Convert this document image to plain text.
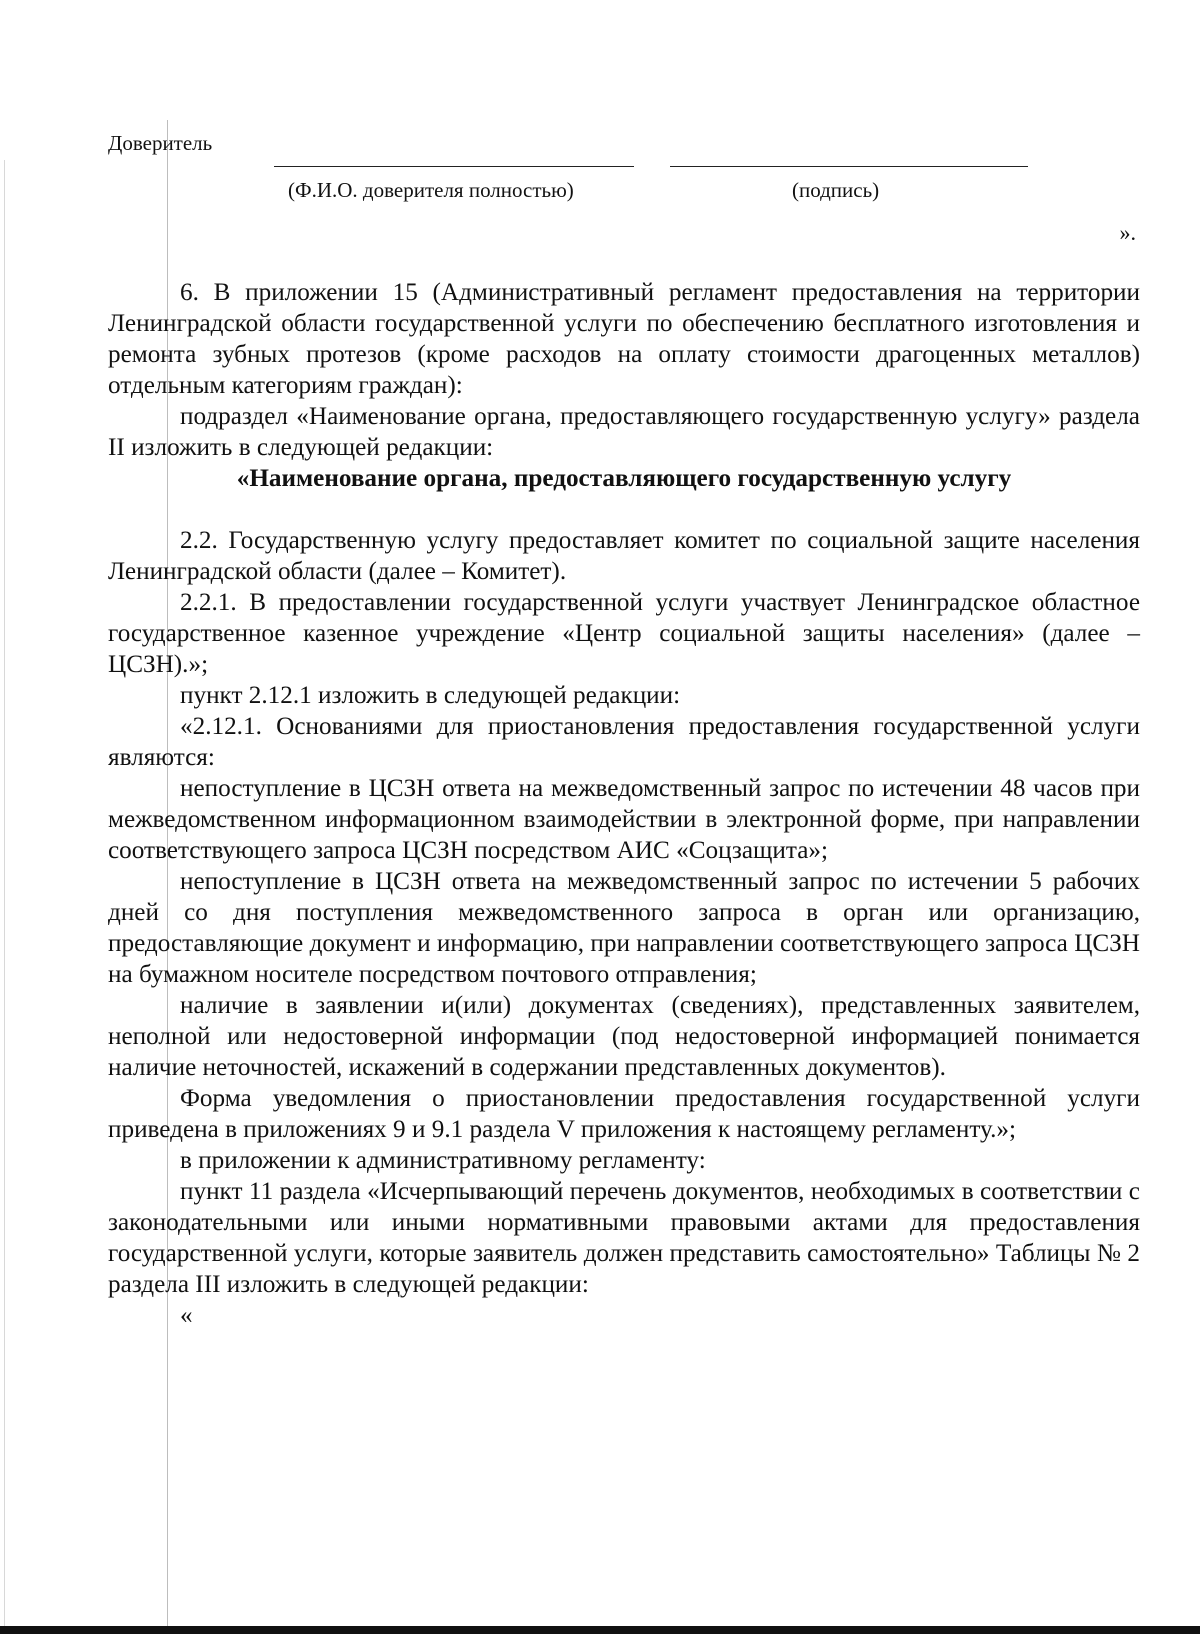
Доверитель
(Ф.И.О. доверителя полностью)	(подпись)
».

6. В приложении 15 (Административный регламент предоставления на территории Ленинградской области государственной услуги по обеспечению бесплатного изготовления и ремонта зубных протезов (кроме расходов на оплату стоимости драгоценных металлов) отдельным категориям граждан):

подраздел «Наименование органа, предоставляющего государственную услугу» раздела II изложить в следующей редакции:

«Наименование органа, предоставляющего государственную услугу

2.2. Государственную услугу предоставляет комитет по социальной защите населения Ленинградской области (далее – Комитет).

2.2.1. В предоставлении государственной услуги участвует Ленинградское областное государственное казенное учреждение «Центр социальной защиты населения» (далее – ЦСЗН).»;

пункт 2.12.1 изложить в следующей редакции:

«2.12.1. Основаниями для приостановления предоставления государственной услуги являются:

непоступление в ЦСЗН ответа на межведомственный запрос по истечении 48 часов при межведомственном информационном взаимодействии в электронной форме, при направлении соответствующего запроса ЦСЗН посредством АИС «Соцзащита»;

непоступление в ЦСЗН ответа на межведомственный запрос по истечении 5 рабочих дней со дня поступления межведомственного запроса в орган или организацию, предоставляющие документ и информацию, при направлении соответствующего запроса ЦСЗН на бумажном носителе посредством почтового отправления;

наличие в заявлении и(или) документах (сведениях), представленных заявителем, неполной или недостоверной информации (под недостоверной информацией понимается наличие неточностей, искажений в содержании представленных документов).

Форма уведомления о приостановлении предоставления государственной услуги приведена в приложениях 9 и 9.1 раздела V приложения к настоящему регламенту.»;

в приложении к административному регламенту:

пункт 11 раздела «Исчерпывающий перечень документов, необходимых в соответствии с законодательными или иными нормативными правовыми актами для предоставления государственной услуги, которые заявитель должен представить самостоятельно» Таблицы № 2 раздела III изложить в следующей редакции:

«
